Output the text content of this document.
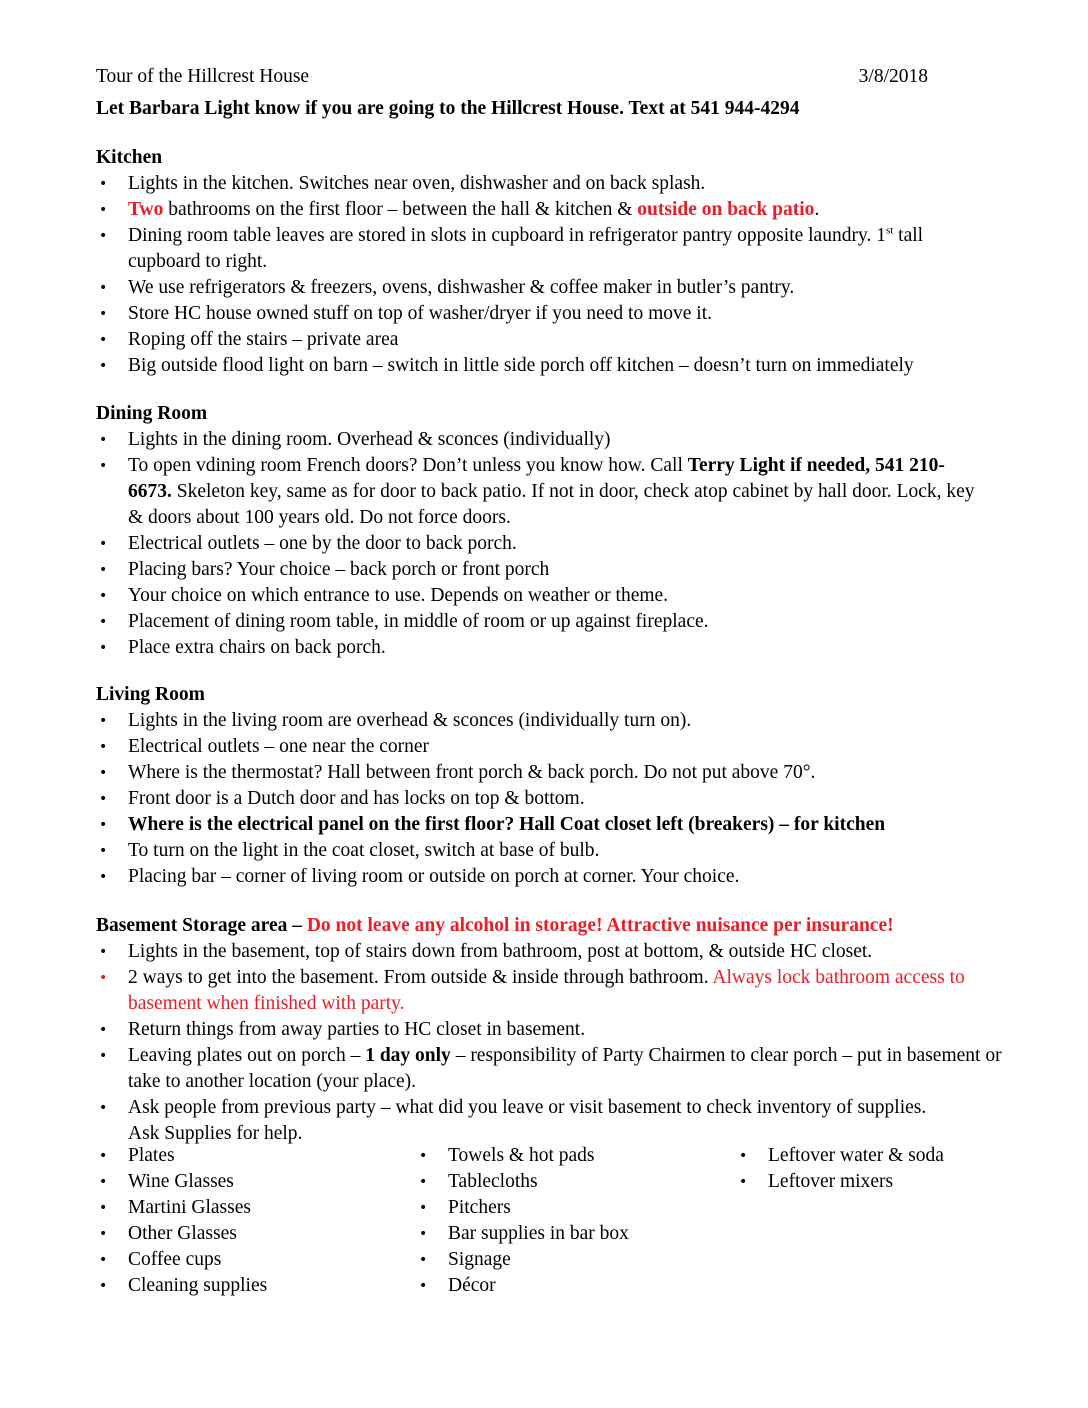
Tour of the Hillcrest House	3/8/2018
Let Barbara Light know if you are going to the Hillcrest House. Text at 541 944-4294
Kitchen
Lights in the kitchen. Switches near oven, dishwasher and on back splash.
Two bathrooms on the first floor – between the hall & kitchen & outside on back patio.
Dining room table leaves are stored in slots in cupboard in refrigerator pantry opposite laundry. 1st tall cupboard to right.
We use refrigerators & freezers, ovens, dishwasher & coffee maker in butler’s pantry.
Store HC house owned stuff on top of washer/dryer if you need to move it.
Roping off the stairs – private area
Big outside flood light on barn – switch in little side porch off kitchen – doesn’t turn on immediately
Dining Room
Lights in the dining room. Overhead & sconces (individually)
To open vdining room French doors? Don’t unless you know how. Call Terry Light if needed, 541 210- 6673. Skeleton key, same as for door to back patio. If not in door, check atop cabinet by hall door. Lock, key & doors about 100 years old. Do not force doors.
Electrical outlets – one by the door to back porch.
Placing bars? Your choice – back porch or front porch
Your choice on which entrance to use. Depends on weather or theme.
Placement of dining room table, in middle of room or up against fireplace.
Place extra chairs on back porch.
Living Room
Lights in the living room are overhead & sconces (individually turn on).
Electrical outlets – one near the corner
Where is the thermostat? Hall between front porch & back porch. Do not put above 70°.
Front door is a Dutch door and has locks on top & bottom.
Where is the electrical panel on the first floor? Hall Coat closet left (breakers) – for kitchen
To turn on the light in the coat closet, switch at base of bulb.
Placing bar – corner of living room or outside on porch at corner. Your choice.
Basement Storage area – Do not leave any alcohol in storage! Attractive nuisance per insurance!
Lights in the basement, top of stairs down from bathroom, post at bottom, & outside HC closet.
2 ways to get into the basement. From outside & inside through bathroom. Always lock bathroom access to basement when finished with party.
Return things from away parties to HC closet in basement.
Leaving plates out on porch – 1 day only – responsibility of Party Chairmen to clear porch – put in basement or take to another location (your place).
Ask people from previous party – what did you leave or visit basement to check inventory of supplies. Ask Supplies for help.
Plates
Wine Glasses
Martini Glasses
Other Glasses
Coffee cups
Cleaning supplies
Towels & hot pads
Tablecloths
Pitchers
Bar supplies in bar box
Signage
Décor
Leftover water & soda
Leftover mixers
